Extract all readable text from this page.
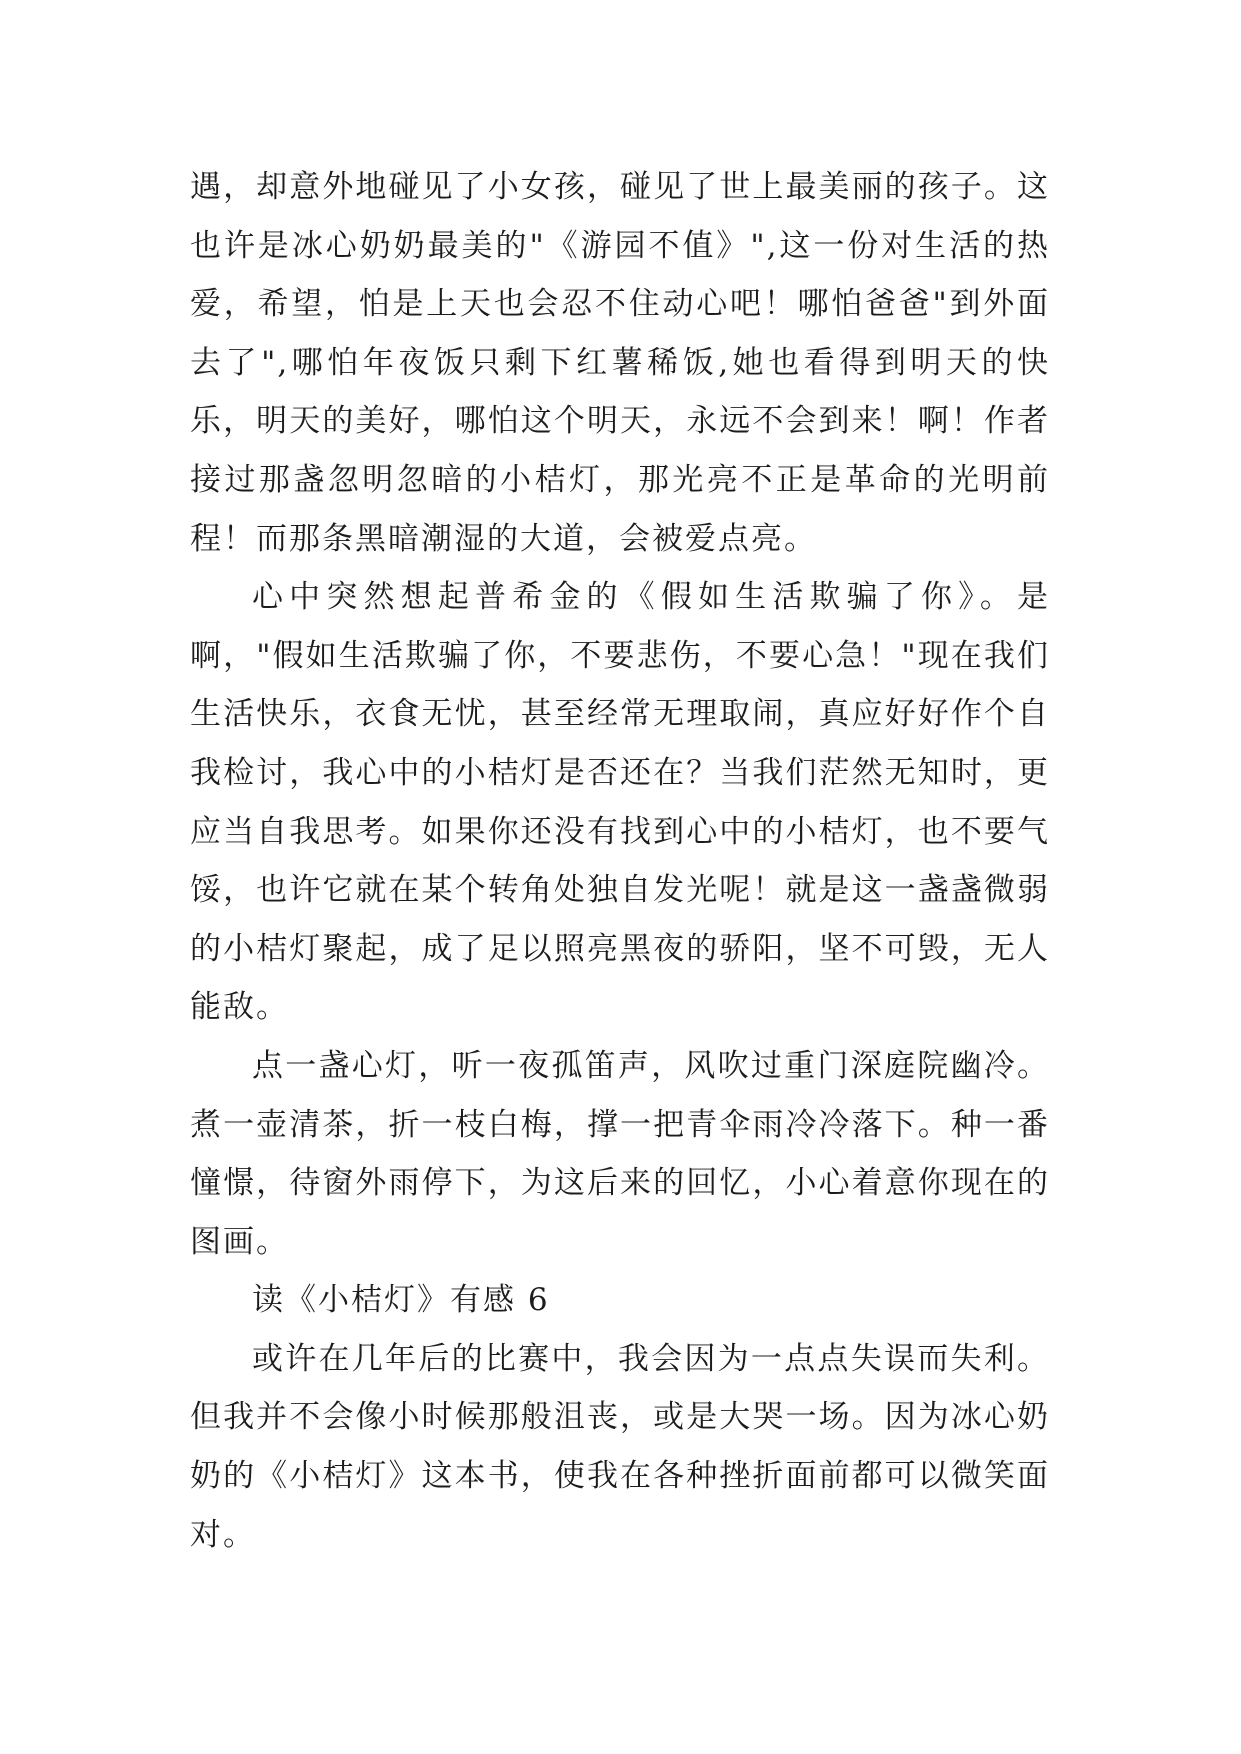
遇，却意外地碰见了小女孩，碰见了世上最美丽的孩子。这也许是冰心奶奶最美的"《游园不值》",这一份对生活的热爱，希望，怕是上天也会忍不住动心吧！哪怕爸爸"到外面去了",哪怕年夜饭只剩下红薯稀饭,她也看得到明天的快乐，明天的美好，哪怕这个明天，永远不会到来！啊！作者接过那盏忽明忽暗的小桔灯，那光亮不正是革命的光明前程！而那条黑暗潮湿的大道，会被爱点亮。

心中突然想起普希金的《假如生活欺骗了你》。是啊，"假如生活欺骗了你，不要悲伤，不要心急！"现在我们生活快乐，衣食无忧，甚至经常无理取闹，真应好好作个自我检讨，我心中的小桔灯是否还在？当我们茫然无知时，更应当自我思考。如果你还没有找到心中的小桔灯，也不要气馁，也许它就在某个转角处独自发光呢！就是这一盏盏微弱的小桔灯聚起，成了足以照亮黑夜的骄阳，坚不可毁，无人能敌。

点一盏心灯，听一夜孤笛声，风吹过重门深庭院幽冷。煮一壶清茶，折一枝白梅，撑一把青伞雨冷冷落下。种一番憧憬，待窗外雨停下，为这后来的回忆，小心着意你现在的图画。

读《小桔灯》有感 6

或许在几年后的比赛中，我会因为一点点失误而失利。但我并不会像小时候那般沮丧，或是大哭一场。因为冰心奶奶的《小桔灯》这本书，使我在各种挫折面前都可以微笑面对。
